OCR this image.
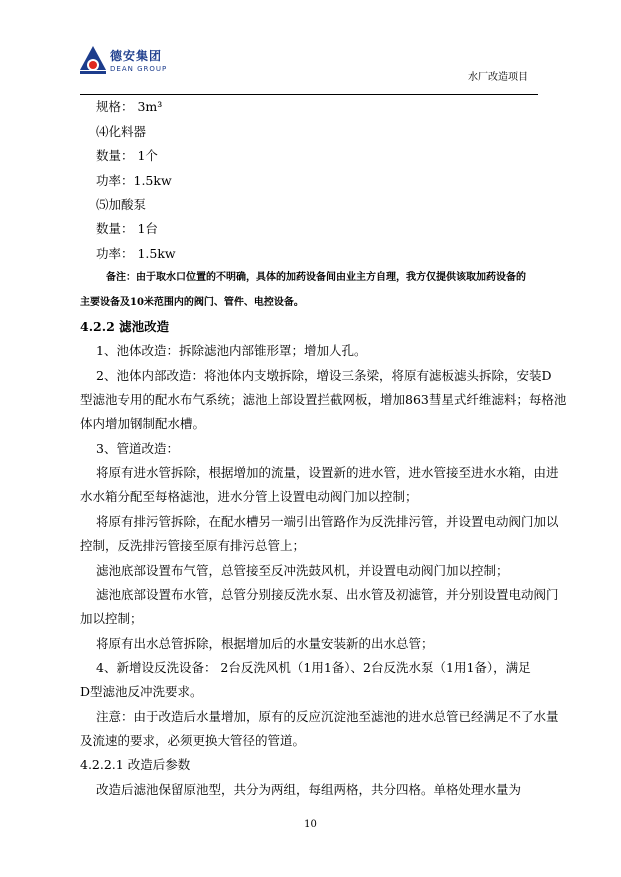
德安集团
DEAN GROUP
水厂改造项目
规格： 3m³
⑷化料器
数量： 1个
功率：1.5kw
⑸加酸泵
数量： 1台
功率： 1.5kw
备注：由于取水口位置的不明确，具体的加药设备间由业主方自理，我方仅提供该取加药设备的
主要设备及10米范围内的阀门、管件、电控设备。
4.2.2 滤池改造
1、池体改造：拆除滤池内部锥形罩；增加人孔。
2、池体内部改造：将池体内支墩拆除，增设三条梁，将原有滤板滤头拆除，安装D
型滤池专用的配水布气系统；滤池上部设置拦截网板，增加863彗星式纤维滤料；每格池
体内增加钢制配水槽。
3、管道改造：
将原有进水管拆除，根据增加的流量，设置新的进水管，进水管接至进水水箱，由进
水水箱分配至每格滤池，进水分管上设置电动阀门加以控制；
将原有排污管拆除，在配水槽另一端引出管路作为反洗排污管，并设置电动阀门加以
控制，反洗排污管接至原有排污总管上；
滤池底部设置布气管，总管接至反冲洗鼓风机，并设置电动阀门加以控制；
滤池底部设置布水管，总管分别接反洗水泵、出水管及初滤管，并分别设置电动阀门
加以控制；
将原有出水总管拆除，根据增加后的水量安装新的出水总管；
4、新增设反洗设备： 2台反洗风机（1用1备）、2台反洗水泵（1用1备），满足
D型滤池反冲洗要求。
注意：由于改造后水量增加，原有的反应沉淀池至滤池的进水总管已经满足不了水量
及流速的要求，必须更换大管径的管道。
4.2.2.1 改造后参数
改造后滤池保留原池型，共分为两组，每组两格，共分四格。单格处理水量为
10
